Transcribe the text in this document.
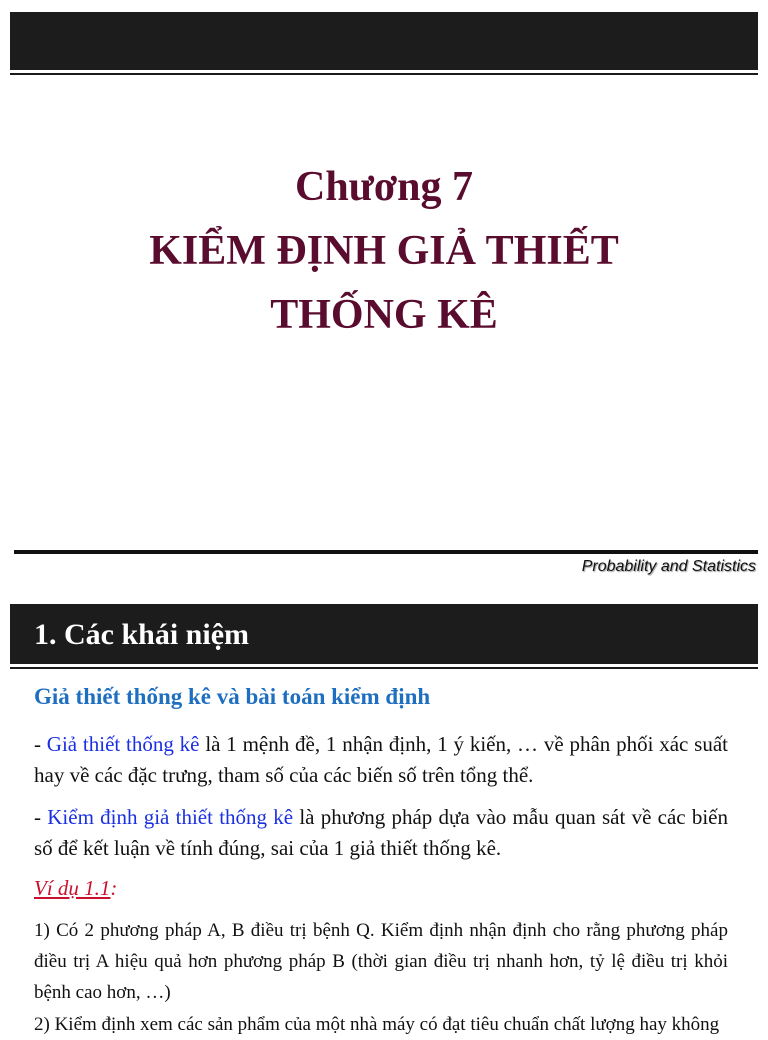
Chương 7
KIỂM ĐỊNH GIẢ THIẾT
THỐNG KÊ
Probability and Statistics
1. Các khái niệm
Giả thiết thống kê và bài toán kiểm định
- Giả thiết thống kê là 1 mệnh đề, 1 nhận định, 1 ý kiến, … về phân phối xác suất hay về các đặc trưng, tham số của các biến số trên tổng thể.
- Kiểm định giả thiết thống kê là phương pháp dựa vào mẫu quan sát về các biến số để kết luận về tính đúng, sai của 1 giả thiết thống kê.
Ví dụ 1.1:
1) Có 2 phương pháp A, B điều trị bệnh Q. Kiểm định nhận định cho rằng phương pháp điều trị A hiệu quả hơn phương pháp B (thời gian điều trị nhanh hơn, tỷ lệ điều trị khỏi bệnh cao hơn, …)
2) Kiểm định xem các sản phẩm của một nhà máy có đạt tiêu chuẩn chất lượng hay không
